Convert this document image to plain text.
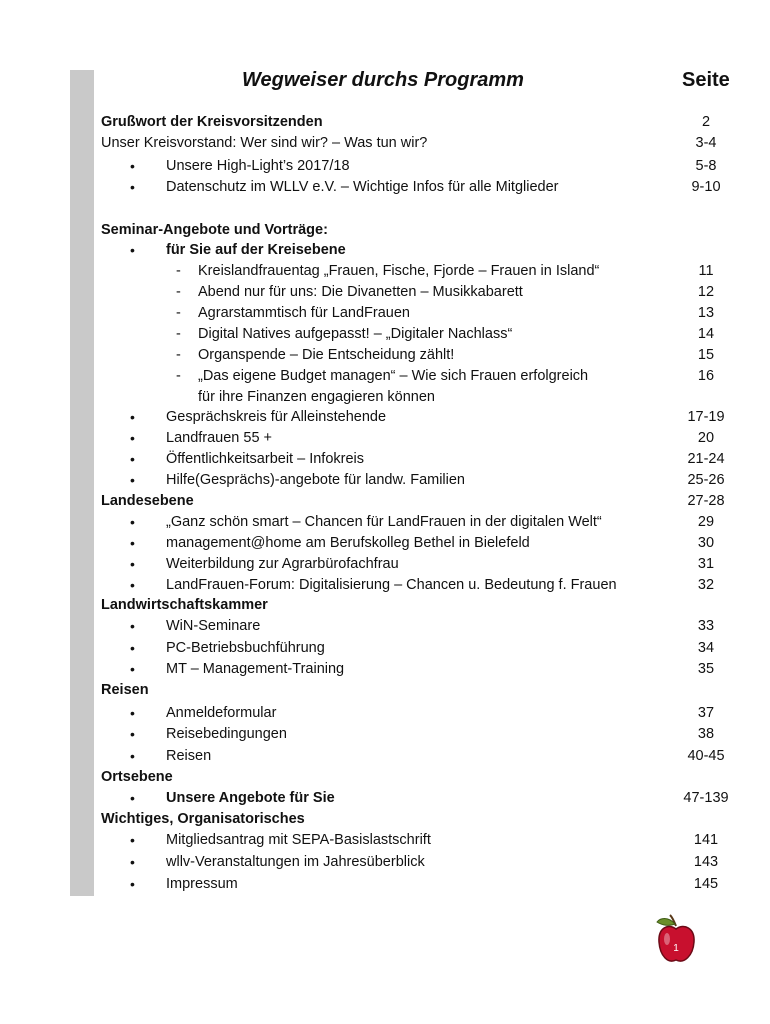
Wegweiser durchs Programm	Seite
Grußwort der Kreisvorsitzenden	2
Unser Kreisvorstand: Wer sind wir? – Was tun wir?	3-4
• Unsere High-Light’s 2017/18	5-8
• Datenschutz im WLLV e.V. – Wichtige Infos für alle Mitglieder	9-10
Seminar-Angebote und Vorträge:
• für Sie auf der Kreisebene
- Kreislandfrauentag „Frauen, Fische, Fjorde – Frauen in Island“	11
- Abend nur für uns: Die Divanetten – Musikkabarett	12
- Agrarstammtisch für LandFrauen	13
- Digital Natives aufgepasst! – „Digitaler Nachlass“	14
- Organspende – Die Entscheidung zählt!	15
- „Das eigene Budget managen“ – Wie sich Frauen erfolgreich	16
für ihre Finanzen engagieren können
• Gesprächskreis für Alleinstehende	17-19
• Landfrauen 55 +	20
• Öffentlichkeitsarbeit – Infokreis	21-24
• Hilfe(Gesprächs)-angebote für landw. Familien	25-26
Landesebene	27-28
• „Ganz schön smart – Chancen für LandFrauen in der digitalen Welt“	29
• management@home am Berufskolleg Bethel in Bielefeld	30
• Weiterbildung zur Agrarbürofachfrau	31
• LandFrauen-Forum: Digitalisierung – Chancen u. Bedeutung f. Frauen	32
Landwirtschaftskammer
• WiN-Seminare	33
• PC-Betriebsbuchführung	34
• MT – Management-Training	35
Reisen
• Anmeldeformular	37
• Reisebedingungen	38
• Reisen	40-45
Ortsebene
• Unsere Angebote für Sie	47-139
Wichtiges, Organisatorisches
• Mitgliedsantrag mit SEPA-Basislastschrift	141
• wllv-Veranstaltungen im Jahresüberblick	143
• Impressum	145
1
